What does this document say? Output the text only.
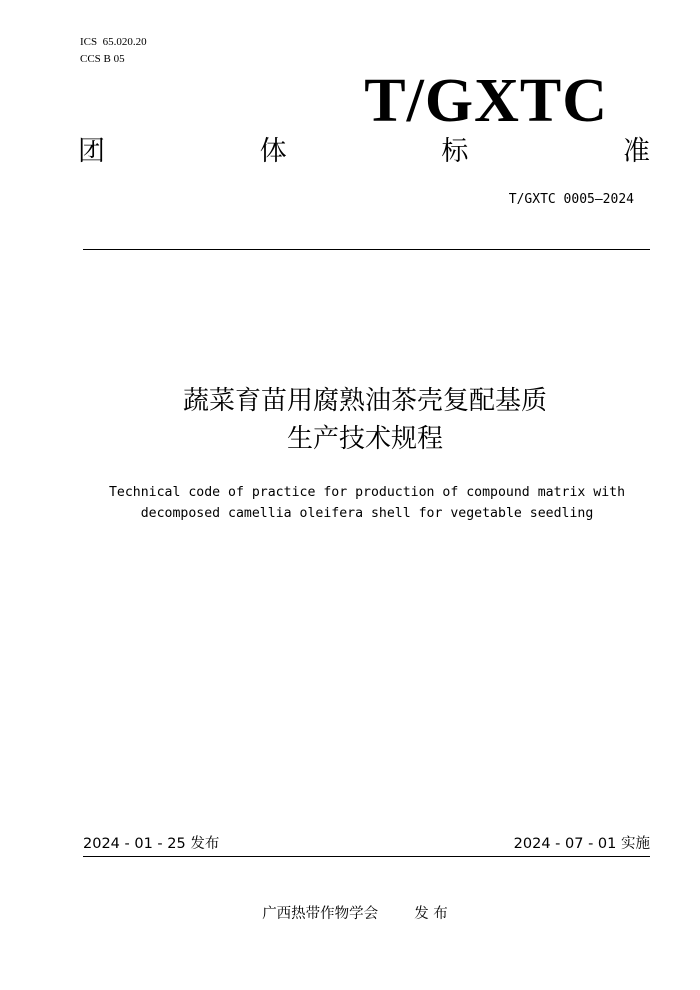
ICS  65.020.20
CCS B 05
T/GXTC
团	体	标	准
T/GXTC 0005—2024
蔬菜育苗用腐熟油茶壳复配基质
生产技术规程
Technical code of practice for production of compound matrix with
decomposed camellia oleifera shell for vegetable seedling
2024 - 01 - 25 发布	2024 - 07 - 01 实施
广西热带作物学会 发 布
